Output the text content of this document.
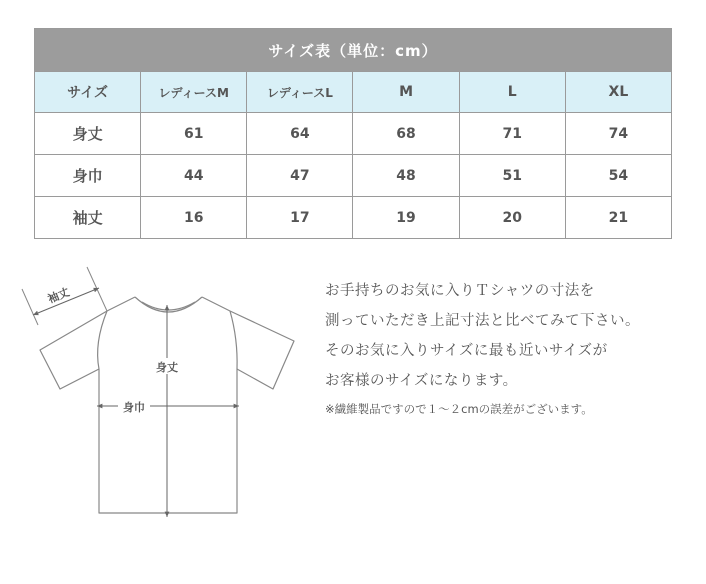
サイズ表（単位：cm）					
サイズ	レディースM	レディースL	M	L	XL
身丈	61	64	68	71	74
身巾	44	47	48	51	54
袖丈	16	17	19	20	21
袖丈
身丈
身巾

お手持ちのお気に入りＴシャツの寸法を

測っていただき上記寸法と比べてみて下さい。

そのお気に入りサイズに最も近いサイズが

お客様のサイズになります。

※繊維製品ですので１〜２cmの誤差がございます。
